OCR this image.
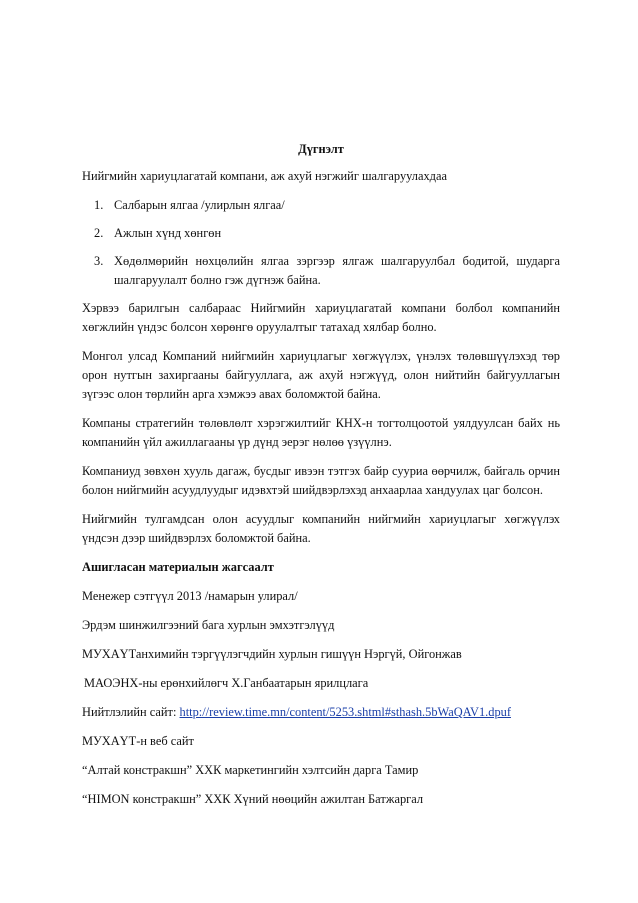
Дүгнэлт

Нийгмийн хариуцлагатай компани, аж ахуй нэгжийг шалгаруулахдаа

1. Салбарын ялгаа /улирлын ялгаа/
2. Ажлын хүнд хөнгөн
3. Хөдөлмөрийн нөхцөлийн ялгаа зэргээр ялгаж шалгаруулбал бодитой, шударга шалгаруулалт болно гэж дүгнэж байна.

Хэрвээ барилгын салбараас Нийгмийн хариуцлагатай компани болбол компанийн хөгжлийн үндэс болсон хөрөнгө оруулалтыг татахад хялбар болно.

Монгол улсад Компаний нийгмийн хариуцлагыг хөгжүүлэх, үнэлэх төлөвшүүлэхэд төр орон нутгын захиргааны байгууллага, аж ахуй нэгжүүд, олон нийтийн байгууллагын зүгээс олон төрлийн арга хэмжээ авах боломжтой байна.

Компаны стратегийн төлөвлөлт хэрэгжилтийг КНХ-н тогтолцоотой уялдуулсан байх нь компанийн үйл ажиллагааны үр дүнд эерэг нөлөө үзүүлнэ.

Компаниуд зөвхөн хууль дагаж, бусдыг ивээн тэтгэх байр сууриа өөрчилж, байгаль орчин болон нийгмийн асуудлуудыг идэвхтэй шийдвэрлэхэд анхаарлаа хандуулах цаг болсон.

Нийгмийн тулгамдсан олон асуудлыг компанийн нийгмийн хариуцлагыг хөгжүүлэх үндсэн дээр шийдвэрлэх боломжтой байна.

Ашигласан материалын жагсаалт

Менежер сэтгүүл 2013 /намарын улирал/

Эрдэм шинжилгээний бага хурлын эмхэтгэлүүд

МУХАҮТанхимийн тэргүүлэгчдийн хурлын гишүүн Нэргүй, Ойгонжав

МАОЭНХ-ны ерөнхийлөгч Х.Ганбаатарын ярилцлага

Нийтлэлийн сайт: http://review.time.mn/content/5253.shtml#sthash.5bWaQAV1.dpuf

МУХАҮТ-н веб сайт

“Алтай констракшн” ХХК маркетингийн хэлтсийн дарга Тамир

“HIMON констракшн” ХХК Хүний нөөцийн ажилтан Батжаргал
